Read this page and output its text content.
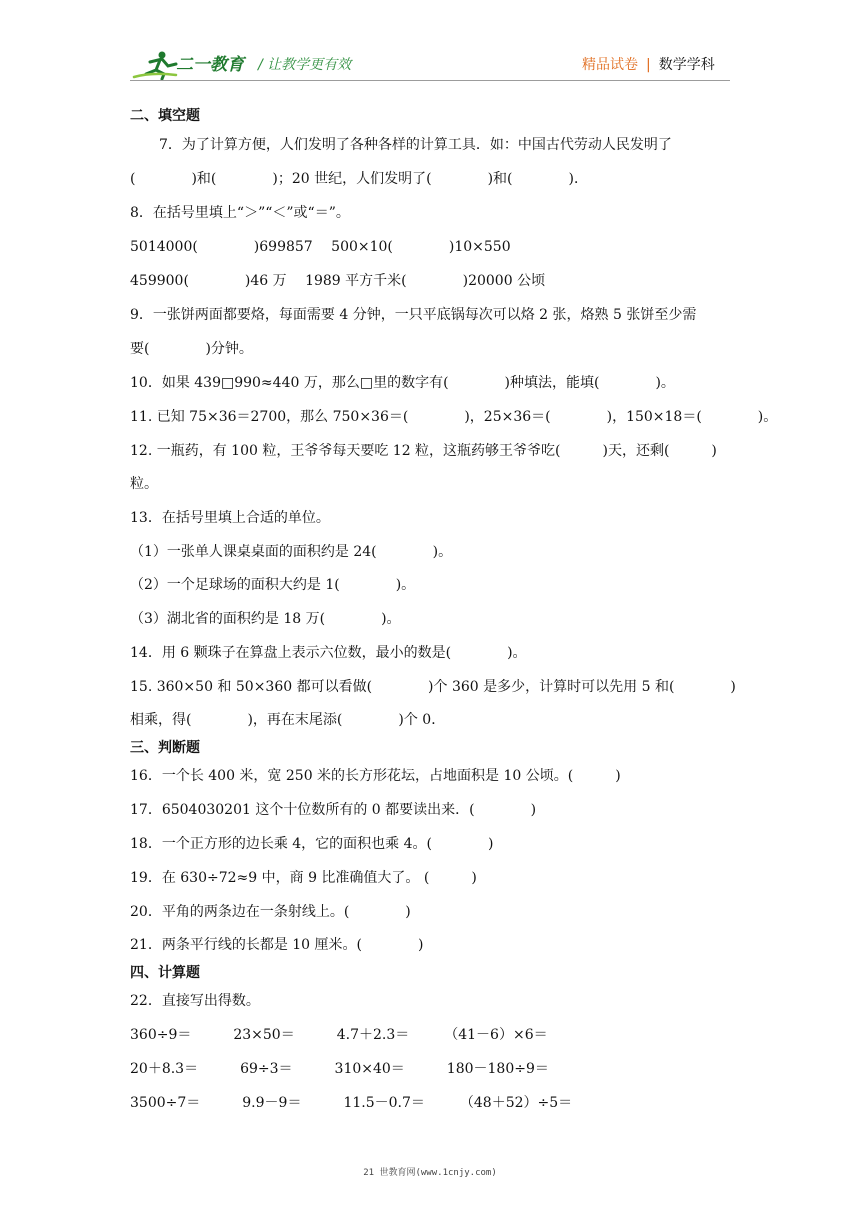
二一教育 / 让教学更有效	精品试卷 | 数学学科
二、填空题
7．为了计算方便，人们发明了各种各样的计算工具．如：中国古代劳动人民发明了
(　　　　)和(　　　　)；20 世纪，人们发明了(　　　　)和(　　　　)．
8．在括号里填上“＞”“＜”或“＝”。
5014000(　　　　)699857　 500×10(　　　　)10×550
459900(　　　　)46 万　 1989 平方千米(　　　　)20000 公顷
9．一张饼两面都要烙，每面需要 4 分钟，一只平底锅每次可以烙 2 张，烙熟 5 张饼至少需
要(　　　　)分钟。
10．如果 439□990≈440 万，那么□里的数字有(　　　　)种填法，能填(　　　　)。
11. 已知 75×36＝2700，那么 750×36＝(　　　　)，25×36＝(　　　　)，150×18＝(　　　　)。
12. 一瓶药，有 100 粒，王爷爷每天要吃 12 粒，这瓶药够王爷爷吃(　　　)天，还剩(　　　)
粒。
13．在括号里填上合适的单位。
（1）一张单人课桌桌面的面积约是 24(　　　　)。
（2）一个足球场的面积大约是 1(　　　　)。
（3）湖北省的面积约是 18 万(　　　　)。
14．用 6 颗珠子在算盘上表示六位数，最小的数是(　　　　)。
15. 360×50 和 50×360 都可以看做(　　　　)个 360 是多少，计算时可以先用 5 和(　　　　)
相乘，得(　　　　)，再在末尾添(　　　　)个 0．
三、判断题
16．一个长 400 米，宽 250 米的长方形花坛，占地面积是 10 公顷。(　　　)
17．6504030201 这个十位数所有的 0 都要读出来．(　　　　)
18．一个正方形的边长乘 4，它的面积也乘 4。(　　　　)
19．在 630÷72≈9 中，商 9 比准确值大了。 (　　　)
20．平角的两条边在一条射线上。(　　　　)
21．两条平行线的长都是 10 厘米。(　　　　)
四、计算题
22．直接写出得数。
360÷9＝　　　23×50＝　　　4.7＋2.3＝　　　（41－6）×6＝
20＋8.3＝　　　69÷3＝　　　310×40＝　　　180－180÷9＝
3500÷7＝　　　9.9－9＝　　　11.5－0.7＝　　　（48＋52）÷5＝
21 世教育网(www.1cnjy.com)
